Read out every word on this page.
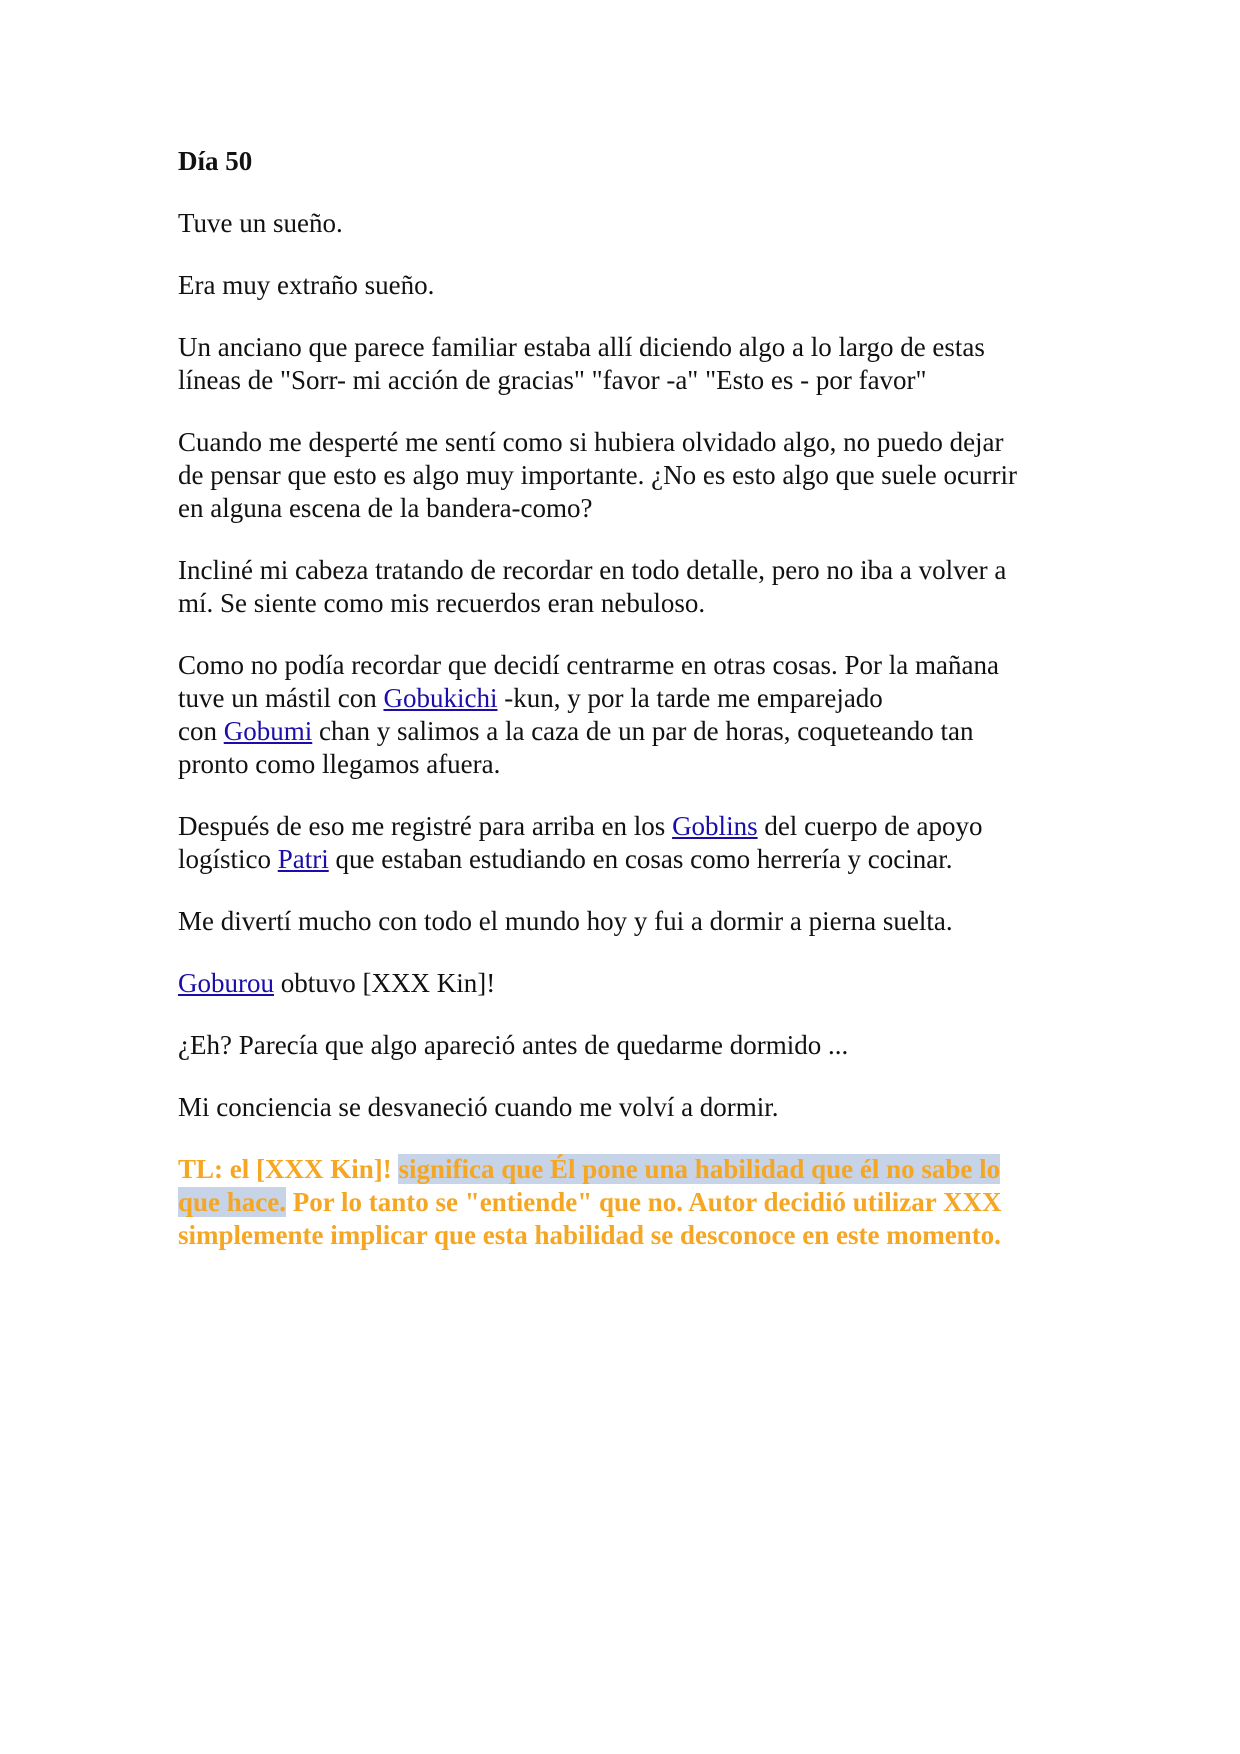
Día 50

Tuve un sueño.

Era muy extraño sueño.

Un anciano que parece familiar estaba allí diciendo algo a lo largo de estas
líneas de "Sorr- mi acción de gracias" "favor -a" "Esto es - por favor"

Cuando me desperté me sentí como si hubiera olvidado algo, no puedo dejar
de pensar que esto es algo muy importante. ¿No es esto algo que suele ocurrir
en alguna escena de la bandera-como?

Incliné mi cabeza tratando de recordar en todo detalle, pero no iba a volver a
mí. Se siente como mis recuerdos eran nebuloso.

Como no podía recordar que decidí centrarme en otras cosas. Por la mañana
tuve un mástil con Gobukichi -kun, y por la tarde me emparejado
con Gobumi chan y salimos a la caza de un par de horas, coqueteando tan
pronto como llegamos afuera.

Después de eso me registré para arriba en los Goblins del cuerpo de apoyo
logístico Patri que estaban estudiando en cosas como herrería y cocinar.

Me divertí mucho con todo el mundo hoy y fui a dormir a pierna suelta.

Goburou obtuvo [XXX Kin]!

¿Eh? Parecía que algo apareció antes de quedarme dormido ...

Mi conciencia se desvaneció cuando me volví a dormir.

TL: el [XXX Kin]! significa que Él pone una habilidad que él no sabe lo
que hace. Por lo tanto se "entiende" que no. Autor decidió utilizar XXX
simplemente implicar que esta habilidad se desconoce en este momento.
